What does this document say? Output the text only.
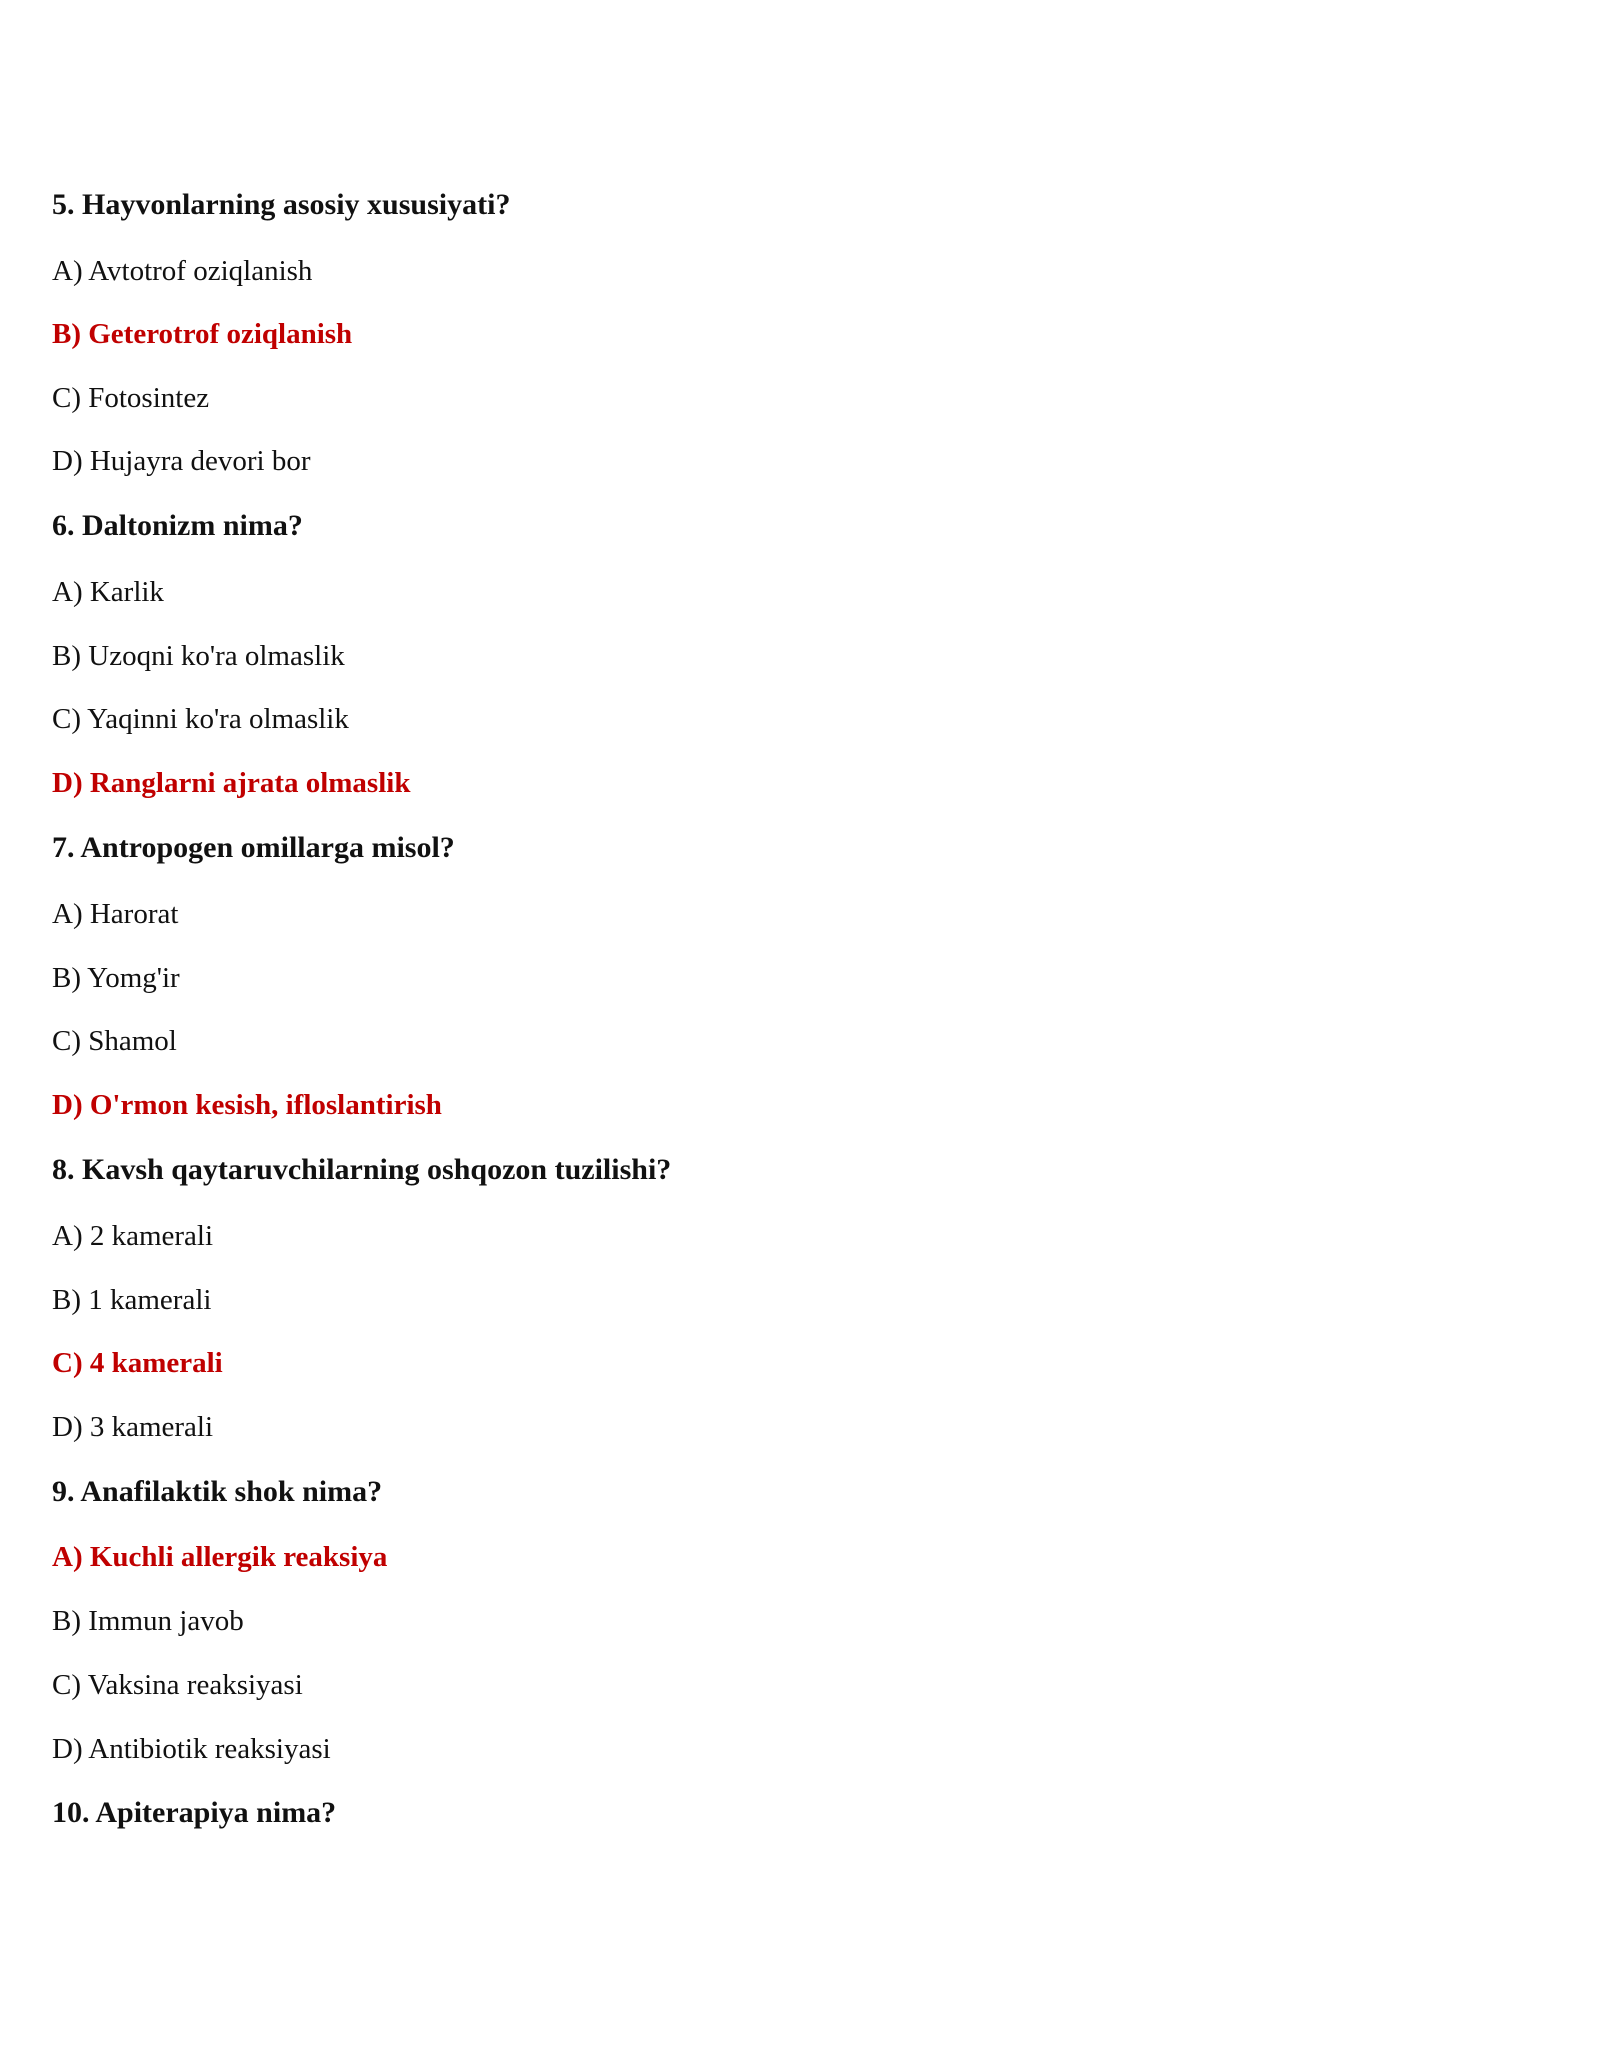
5. Hayvonlarning asosiy xususiyati?
A) Avtotrof oziqlanish
B) Geterotrof oziqlanish
C) Fotosintez
D) Hujayra devori bor
6. Daltonizm nima?
A) Karlik
B) Uzoqni ko'ra olmaslik
C) Yaqinni ko'ra olmaslik
D) Ranglarni ajrata olmaslik
7. Antropogen omillarga misol?
A) Harorat
B) Yomg'ir
C) Shamol
D) O'rmon kesish, ifloslantirish
8. Kavsh qaytaruvchilarning oshqozon tuzilishi?
A) 2 kamerali
B) 1 kamerali
C) 4 kamerali
D) 3 kamerali
9. Anafilaktik shok nima?
A) Kuchli allergik reaksiya
B) Immun javob
C) Vaksina reaksiyasi
D) Antibiotik reaksiyasi
10. Apiterapiya nima?
